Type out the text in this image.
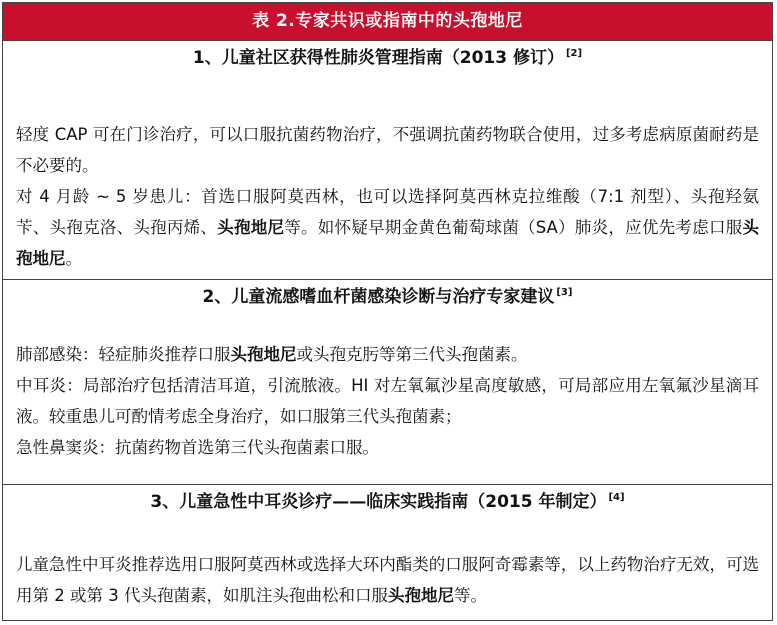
表 2.专家共识或指南中的头孢地尼
1、儿童社区获得性肺炎管理指南（2013 修订） [2]

轻度 CAP 可在门诊治疗，可以口服抗菌药物治疗，不强调抗菌药物联合使用，过多考虑病原菌耐药是不必要的。

对 4 月龄 ~ 5 岁患儿：首选口服阿莫西林，也可以选择阿莫西林克拉维酸（7:1 剂型）、头孢羟氨苄、头孢克洛、头孢丙烯、头孢地尼等。如怀疑早期金黄色葡萄球菌（SA）肺炎，应优先考虑口服头孢地尼。

2、儿童流感嗜血杆菌感染诊断与治疗专家建议 [3]

肺部感染：轻症肺炎推荐口服头孢地尼或头孢克肟等第三代头孢菌素。

中耳炎：局部治疗包括清洁耳道，引流脓液。HI 对左氧氟沙星高度敏感，可局部应用左氧氟沙星滴耳液。较重患儿可酌情考虑全身治疗，如口服第三代头孢菌素；

急性鼻窦炎：抗菌药物首选第三代头孢菌素口服。

3、儿童急性中耳炎诊疗——临床实践指南（2015 年制定） [4]

儿童急性中耳炎推荐选用口服阿莫西林或选择大环内酯类的口服阿奇霉素等，以上药物治疗无效，可选用第 2 或第 3 代头孢菌素，如肌注头孢曲松和口服头孢地尼等。
